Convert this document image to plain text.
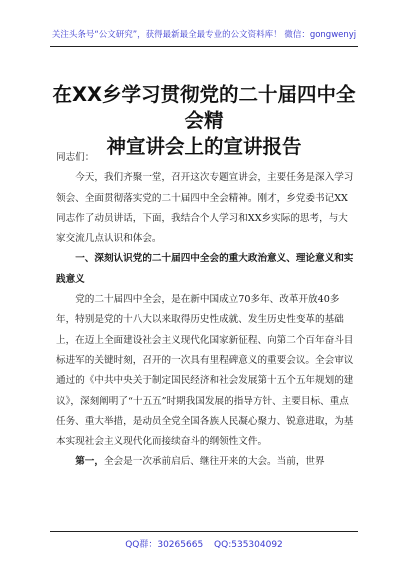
关注头条号“公文研究”，获得最新最全最专业的公文资料库！ 微信：gongwenyj
在XX乡学习贯彻党的二十届四中全会精
神宣讲会上的宣讲报告

同志们：

今天，我们齐聚一堂，召开这次专题宣讲会，主要任务是深入学习领会、全面贯彻落实党的二十届四中全会精神。刚才，乡党委书记XX同志作了动员讲话，下面，我结合个人学习和XX乡实际的思考，与大家交流几点认识和体会。

一、深刻认识党的二十届四中全会的重大政治意义、理论意义和实践意义

党的二十届四中全会，是在新中国成立70多年、改革开放40多年，特别是党的十八大以来取得历史性成就、发生历史性变革的基础上，在迈上全面建设社会主义现代化国家新征程、向第二个百年奋斗目标进军的关键时刻，召开的一次具有里程碑意义的重要会议。全会审议通过的《中共中央关于制定国民经济和社会发展第十五个五年规划的建议》，深刻阐明了“十五五”时期我国发展的指导方针、主要目标、重点任务、重大举措，是动员全党全国各族人民凝心聚力、锐意进取，为基本实现社会主义现代化而接续奋斗的纲领性文件。

第一，全会是一次承前启后、继往开来的大会。当前，世界

QQ群：30265665 QQ:535304092
